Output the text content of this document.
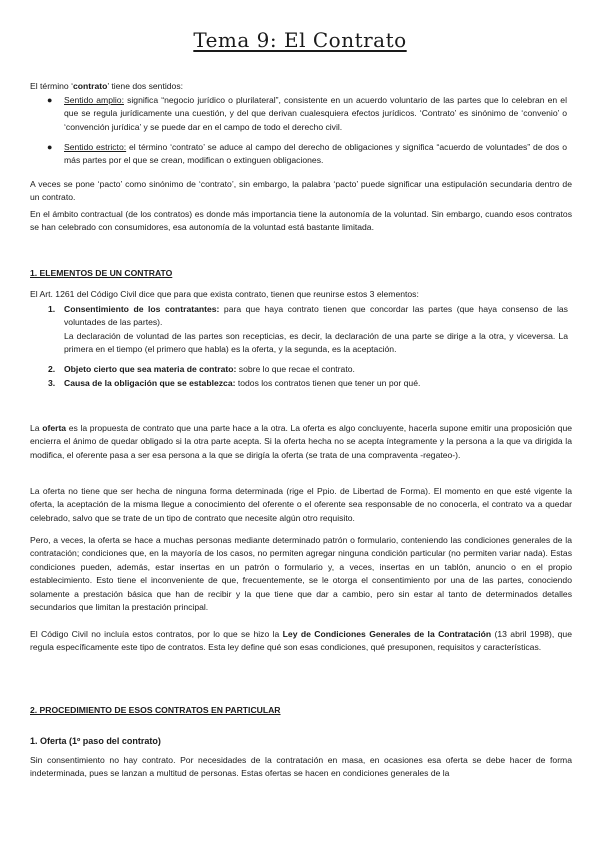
Tema 9: El Contrato
El término ‘contrato’ tiene dos sentidos:
● Sentido amplio: significa “negocio jurídico o plurilateral”, consistente en un acuerdo voluntario de las partes que lo celebran en el que se regula jurídicamente una cuestión, y del que derivan cualesquiera efectos jurídicos. ‘Contrato’ es sinónimo de ‘convenio’ o ‘convención jurídica’ y se puede dar en el campo de todo el derecho civil.
● Sentido estricto: el término ‘contrato’ se aduce al campo del derecho de obligaciones y significa “acuerdo de voluntades” de dos o más partes por el que se crean, modifican o extinguen obligaciones.
A veces se pone ‘pacto’ como sinónimo de ‘contrato’, sin embargo, la palabra ‘pacto’ puede significar una estipulación secundaria dentro de un contrato.
En el ámbito contractual (de los contratos) es donde más importancia tiene la autonomía de la voluntad. Sin embargo, cuando esos contratos se han celebrado con consumidores, esa autonomía de la voluntad está bastante limitada.
1. ELEMENTOS DE UN CONTRATO
El Art. 1261 del Código Civil dice que para que exista contrato, tienen que reunirse estos 3 elementos:
1. Consentimiento de los contratantes: para que haya contrato tienen que concordar las partes (que haya consenso de las voluntades de las partes).
La declaración de voluntad de las partes son recepticias, es decir, la declaración de una parte se dirige a la otra, y viceversa. La primera en el tiempo (el primero que habla) es la oferta, y la segunda, es la aceptación.
2. Objeto cierto que sea materia de contrato: sobre lo que recae el contrato.
3. Causa de la obligación que se establezca: todos los contratos tienen que tener un por qué.
La oferta es la propuesta de contrato que una parte hace a la otra. La oferta es algo concluyente, hacerla supone emitir una proposición que encierra el ánimo de quedar obligado si la otra parte acepta. Si la oferta hecha no se acepta íntegramente y la persona a la que va dirigida la modifica, el oferente pasa a ser esa persona a la que se dirigía la oferta (se trata de una compraventa -regateo-).
La oferta no tiene que ser hecha de ninguna forma determinada (rige el Ppio. de Libertad de Forma). El momento en que esté vigente la oferta, la aceptación de la misma llegue a conocimiento del oferente o el oferente sea responsable de no conocerla, el contrato va a quedar celebrado, salvo que se trate de un tipo de contrato que necesite algún otro requisito.
Pero, a veces, la oferta se hace a muchas personas mediante determinado patrón o formulario, conteniendo las condiciones generales de la contratación; condiciones que, en la mayoría de los casos, no permiten agregar ninguna condición particular (no permiten variar nada). Estas condiciones pueden, además, estar insertas en un patrón o formulario y, a veces, insertas en un tablón, anuncio o en el propio establecimiento. Esto tiene el inconveniente de que, frecuentemente, se le otorga el consentimiento por una de las partes, conociendo solamente a prestación básica que han de recibir y la que tiene que dar a cambio, pero sin estar al tanto de determinados detalles secundarios que limitan la prestación principal.
El Código Civil no incluía estos contratos, por lo que se hizo la Ley de Condiciones Generales de la Contratación (13 abril 1998), que regula específicamente este tipo de contratos. Esta ley define qué son esas condiciones, qué presuponen, requisitos y características.
2. PROCEDIMIENTO DE ESOS CONTRATOS EN PARTICULAR
1. Oferta (1º paso del contrato)
Sin consentimiento no hay contrato. Por necesidades de la contratación en masa, en ocasiones esa oferta se debe hacer de forma indeterminada, pues se lanzan a multitud de personas. Estas ofertas se hacen en condiciones generales de la
